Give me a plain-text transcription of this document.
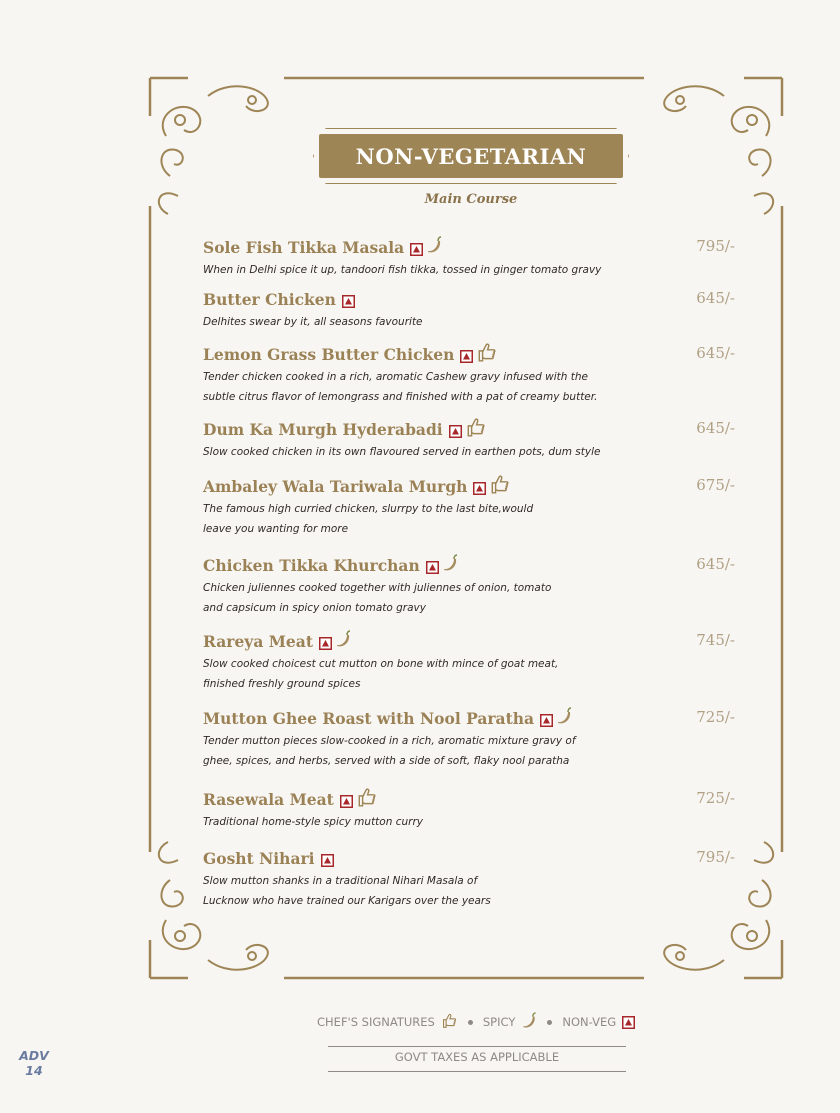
NON-VEGETARIAN
Main Course
Sole Fish Tikka Masala	795/-
When in Delhi spice it up, tandoori fish tikka, tossed in ginger tomato gravy
Butter Chicken	645/-
Delhites swear by it, all seasons favourite
Lemon Grass Butter Chicken	645/-
Tender chicken cooked in a rich, aromatic Cashew gravy infused with the
subtle citrus flavor of lemongrass and finished with a pat of creamy butter.
Dum Ka Murgh Hyderabadi	645/-
Slow cooked chicken in its own flavoured served in earthen pots, dum style
Ambaley Wala Tariwala Murgh	675/-
The famous high curried chicken, slurrpy to the last bite,would
leave you wanting for more
Chicken Tikka Khurchan	645/-
Chicken juliennes cooked together with juliennes of onion, tomato
and capsicum in spicy onion tomato gravy
Rareya Meat	745/-
Slow cooked choicest cut mutton on bone with mince of goat meat,
finished freshly ground spices
Mutton Ghee Roast with Nool Paratha	725/-
Tender mutton pieces slow-cooked in a rich, aromatic mixture gravy of
ghee, spices, and herbs, served with a side of soft, flaky nool paratha
Rasewala Meat	725/-
Traditional home-style spicy mutton curry
Gosht Nihari	795/-
Slow mutton shanks in a traditional Nihari Masala of
Lucknow who have trained our Karigars over the years
CHEF'S SIGNATURES	SPICY	NON-VEG
GOVT TAXES AS APPLICABLE
ADV
14
